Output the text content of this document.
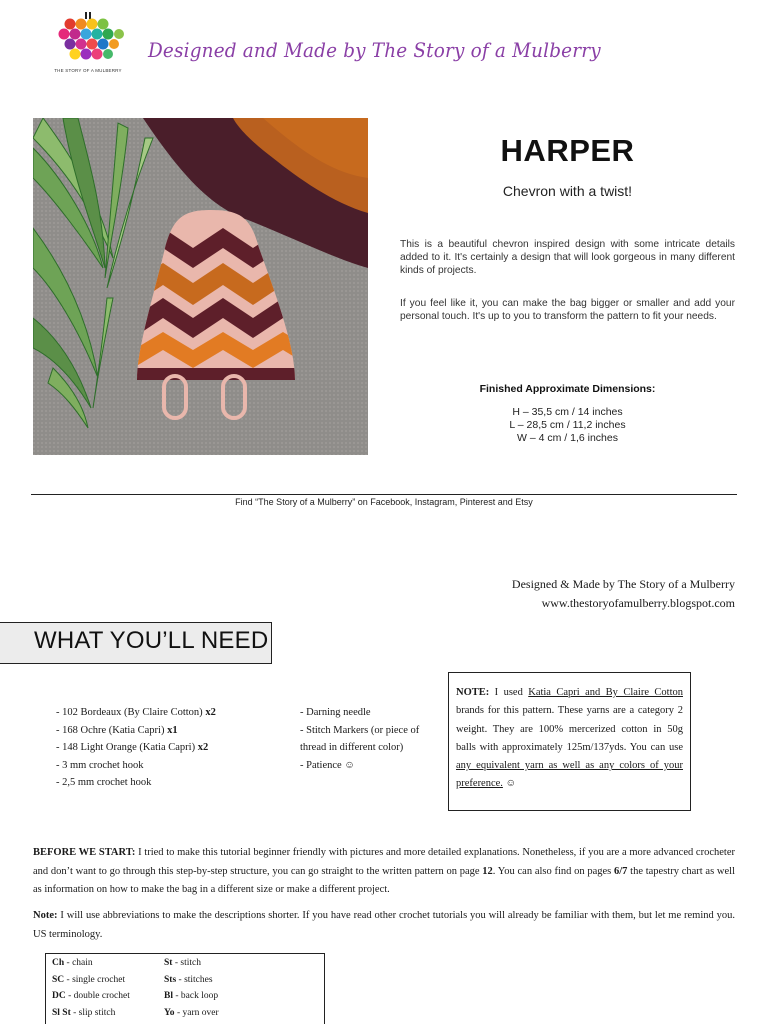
THE STORY OF A MULBERRY
Designed and Made by The Story of a Mulberry
HARPER
Chevron with a twist!

This is a beautiful chevron inspired design with some intricate details added to it. It's certainly a design that will look gorgeous in many different kinds of projects.

If you feel like it, you can make the bag bigger or smaller and add your personal touch. It's up to you to transform the pattern to fit your needs.

Finished Approximate Dimensions:
H – 35,5 cm / 14 inches
L – 28,5 cm / 11,2 inches
W – 4 cm / 1,6 inches
Find “The Story of a Mulberry” on Facebook, Instagram, Pinterest and Etsy
Designed & Made by The Story of a Mulberry
www.thestoryofamulberry.blogspot.com
WHAT YOU’LL NEED
- 102 Bordeaux (By Claire Cotton) x2
- 168 Ochre (Katia Capri) x1
- 148 Light Orange (Katia Capri) x2
- 3 mm crochet hook
- 2,5 mm crochet hook
- Darning needle
- Stitch Markers (or piece of
thread in different color)
- Patience ☺
NOTE: I used Katia Capri and By Claire Cotton brands for this pattern. These yarns are a category 2 weight. They are 100% mercerized cotton in 50g balls with approximately 125m/137yds. You can use any equivalent yarn as well as any colors of your preference. ☺

BEFORE WE START: I tried to make this tutorial beginner friendly with pictures and more detailed explanations. Nonetheless, if you are a more advanced crocheter and don’t want to go through this step-by-step structure, you can go straight to the written pattern on page 12. You can also find on pages 6/7 the tapestry chart as well as information on how to make the bag in a different size or make a different project.

Note: I will use abbreviations to make the descriptions shorter. If you have read other crochet tutorials you will already be familiar with them, but let me remind you. US terminology.

Ch - chain
SC - single crochet
DC - double crochet
Sl St - slip stitch
St - stitch
Sts - stitches
Bl - back loop
Yo - yarn over
